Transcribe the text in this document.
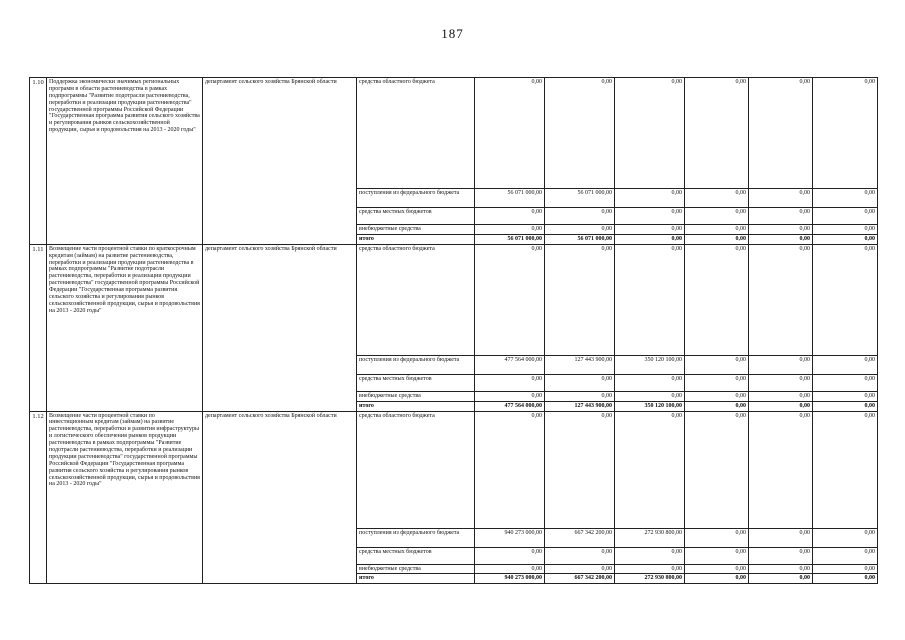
187
1.10	Поддержка экономически значимых региональных программ в области растениеводства в рамках подпрограммы "Развитие подотрасли растениеводства, переработки и реализации продукции растениеводства" государственной программы Российской Федерации "Государственная программа развития сельского хозяйства и регулирования рынков сельскохозяйственной продукции, сырья и продовольствия на 2013 - 2020 годы"	департамент сельского хозяйства Брянской области	средства областного бюджета	0,00	0,00	0,00	0,00	0,00	0,00
			поступления из федерального бюджета	56 071 000,00	56 071 000,00	0,00	0,00	0,00	0,00
			средства местных бюджетов	0,00	0,00	0,00	0,00	0,00	0,00
			внебюджетные средства	0,00	0,00	0,00	0,00	0,00	0,00
			итого	56 071 000,00	56 071 000,00	0,00	0,00	0,00	0,00
1.11	Возмещение части процентной ставки по краткосрочным кредитам (займам) на развитие растениеводства, переработки и реализации продукции растениеводства в рамках подпрограммы "Развитие подотрасли растениеводства, переработки и реализации продукции растениеводства" государственной программы Российской Федерации "Государственная программа развития сельского хозяйства и регулирования рынков сельскохозяйственной продукции, сырья и продовольствия на 2013 - 2020 годы"	департамент сельского хозяйства Брянской области	средства областного бюджета	0,00	0,00	0,00	0,00	0,00	0,00
			поступления из федерального бюджета	477 564 000,00	127 443 900,00	350 120 100,00	0,00	0,00	0,00
			средства местных бюджетов	0,00	0,00	0,00	0,00	0,00	0,00
			внебюджетные средства	0,00	0,00	0,00	0,00	0,00	0,00
			итого	477 564 000,00	127 443 900,00	350 120 100,00	0,00	0,00	0,00
1.12	Возмещение части процентной ставки по инвестиционным кредитам (займам) на развитие растениеводства, переработки и развития инфраструктуры и логистического обеспечения рынков продукции растениеводства в рамках подпрограммы "Развитие подотрасли растениеводства, переработки и реализации продукции растениеводства" государственной программы Российской Федерации "Государственная программа развития сельского хозяйства и регулирования рынков сельскохозяйственной продукции, сырья и продовольствия на 2013 - 2020 годы"	департамент сельского хозяйства Брянской области	средства областного бюджета	0,00	0,00	0,00	0,00	0,00	0,00
			поступления из федерального бюджета	940 273 000,00	667 342 200,00	272 930 800,00	0,00	0,00	0,00
			средства местных бюджетов	0,00	0,00	0,00	0,00	0,00	0,00
			внебюджетные средства	0,00	0,00	0,00	0,00	0,00	0,00
			итого	940 273 000,00	667 342 200,00	272 930 800,00	0,00	0,00	0,00
